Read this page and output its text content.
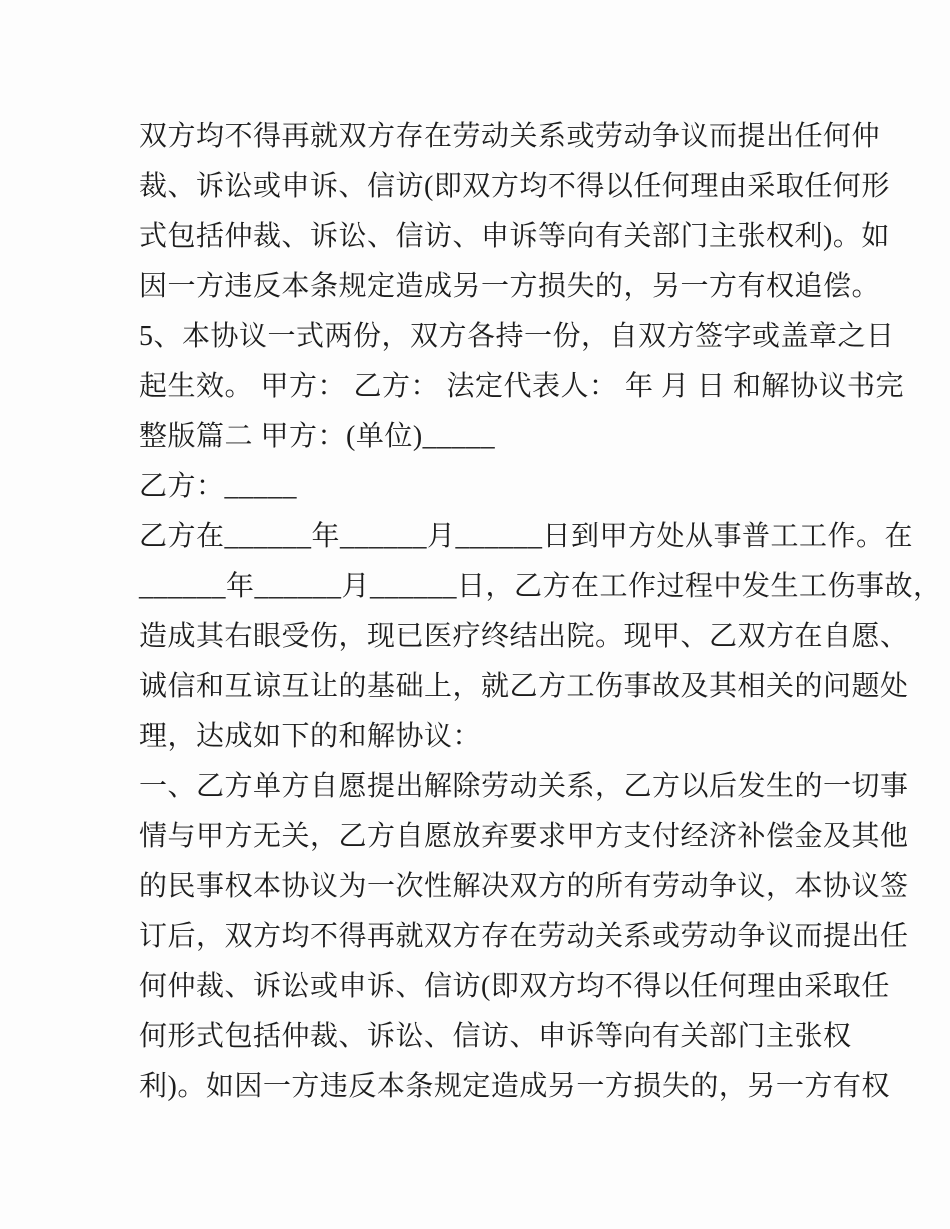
双方均不得再就双方存在劳动关系或劳动争议而提出任何仲
裁、诉讼或申诉、信访(即双方均不得以任何理由采取任何形
式包括仲裁、诉讼、信访、申诉等向有关部门主张权利)。如
因一方违反本条规定造成另一方损失的，另一方有权追偿。
5、本协议一式两份，双方各持一份，自双方签字或盖章之日
起生效。 甲方： 乙方： 法定代表人： 年 月 日 和解协议书完
整版篇二 甲方：(单位)_____
乙方：_____
乙方在______年______月______日到甲方处从事普工工作。在
______年______月______日，乙方在工作过程中发生工伤事故，
造成其右眼受伤，现已医疗终结出院。现甲、乙双方在自愿、
诚信和互谅互让的基础上，就乙方工伤事故及其相关的问题处
理，达成如下的和解协议：
一、乙方单方自愿提出解除劳动关系，乙方以后发生的一切事
情与甲方无关，乙方自愿放弃要求甲方支付经济补偿金及其他
的民事权本协议为一次性解决双方的所有劳动争议，本协议签
订后，双方均不得再就双方存在劳动关系或劳动争议而提出任
何仲裁、诉讼或申诉、信访(即双方均不得以任何理由采取任
何形式包括仲裁、诉讼、信访、申诉等向有关部门主张权
利)。如因一方违反本条规定造成另一方损失的，另一方有权
